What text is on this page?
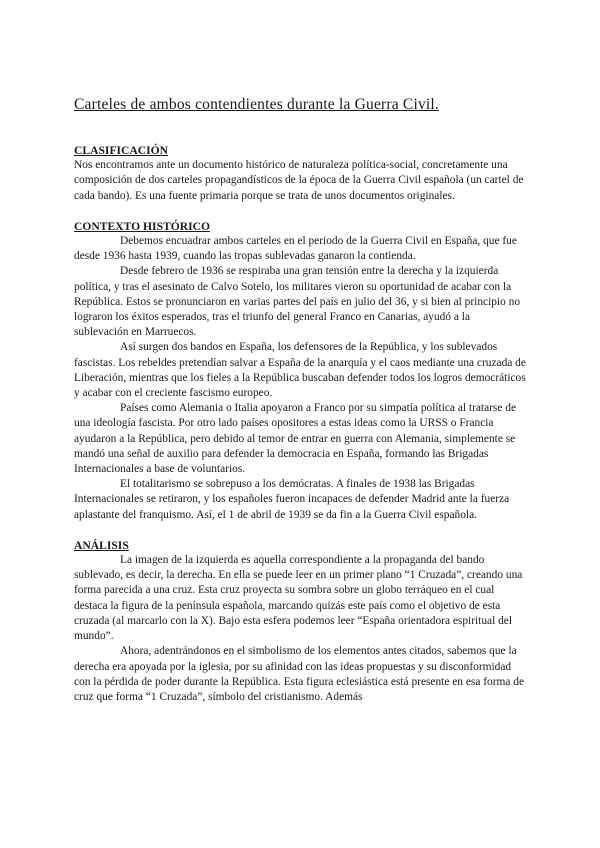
Carteles de ambos contendientes durante la Guerra Civil.
CLASIFICACIÓN

Nos encontramos ante un documento histórico de naturaleza política-social, concretamente una composición de dos carteles propagandísticos de la época de la Guerra Civil española (un cartel de cada bando). Es una fuente primaria porque se trata de unos documentos originales.

CONTEXTO HISTÓRICO

Debemos encuadrar ambos carteles en el periodo de la Guerra Civil en España, que fue desde 1936 hasta 1939, cuando las tropas sublevadas ganaron la contienda.

Desde febrero de 1936 se respiraba una gran tensión entre la derecha y la izquierda política, y tras el asesinato de Calvo Sotelo, los militares vieron su oportunidad de acabar con la República. Estos se pronunciaron en varias partes del país en julio del 36, y si bien al principio no lograron los éxitos esperados, tras el triunfo del general Franco en Canarias, ayudó a la sublevación en Marruecos.

Así surgen dos bandos en España, los defensores de la República, y los sublevados fascistas. Los rebeldes pretendían salvar a España de la anarquía y el caos mediante una cruzada de Liberación, mientras que los fieles a la República buscaban defender todos los logros democráticos y acabar con el creciente fascismo europeo.

Países como Alemania o Italia apoyaron a Franco por su simpatía política al tratarse de una ideología fascista. Por otro lado países opositores a estas ideas como la URSS o Francia ayudaron a la República, pero debido al temor de entrar en guerra con Alemania, simplemente se mandó una señal de auxilio para defender la democracia en España, formando las Brigadas Internacionales a base de voluntarios.

El totalitarismo se sobrepuso a los demócratas. A finales de 1938 las Brigadas Internacionales se retiraron, y los españoles fueron incapaces de defender Madrid ante la fuerza aplastante del franquismo. Así, el 1 de abril de 1939 se da fin a la Guerra Civil española.

ANÁLISIS

La imagen de la izquierda es aquella correspondiente a la propaganda del bando sublevado, es decir, la derecha. En ella se puede leer en un primer plano “1 Cruzada”, creando una forma parecida a una cruz. Esta cruz proyecta su sombra sobre un globo terráqueo en el cual destaca la figura de la península española, marcando quizás este país como el objetivo de esta cruzada (al marcarlo con la X). Bajo esta esfera podemos leer “España orientadora espiritual del mundo”.

Ahora, adentrándonos en el simbolismo de los elementos antes citados, sabemos que la derecha era apoyada por la iglesia, por su afinidad con las ideas propuestas y su disconformidad con la pérdida de poder durante la República. Esta figura eclesiástica está presente en esa forma de cruz que forma “1 Cruzada”, símbolo del cristianismo. Además
